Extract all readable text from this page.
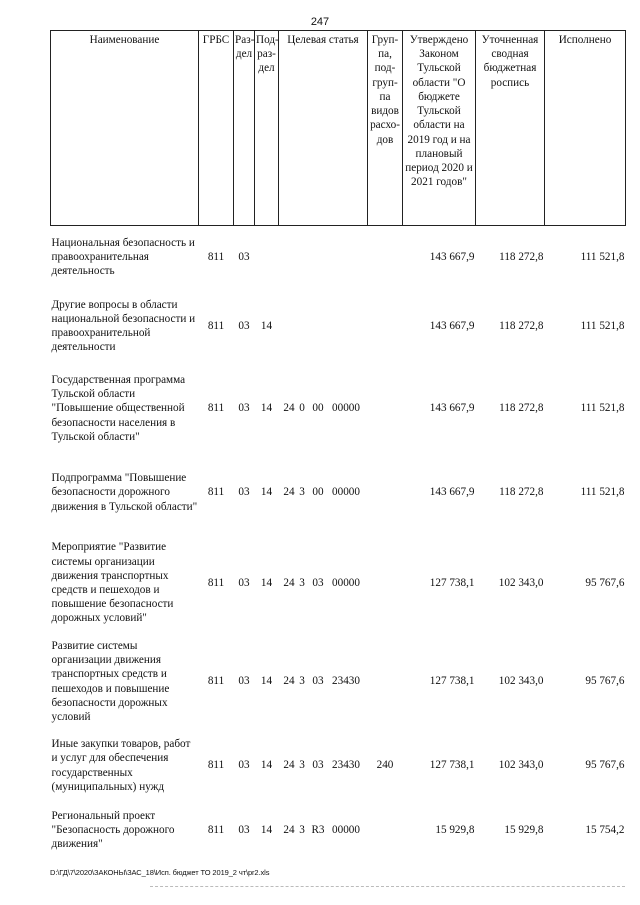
247
Наименование	ГРБС	Раз-дел	Под-раз-дел	Целевая статья	Груп-па, под-груп-па видов расхо-дов	Утверждено Законом Тульской области "О бюджете Тульской области на 2019 год и на плановый период 2020 и 2021 годов"	Уточненная сводная бюджетная роспись	Исполнено
Национальная безопасность и правоохранительная деятельность	811	03				143 667,9	118 272,8	111 521,8
Другие вопросы в области национальной безопасности и правоохранительной деятельности	811	03	14			143 667,9	118 272,8	111 521,8
Государственная программа Тульской области "Повышение общественной безопасности населения в Тульской области"	811	03	14	24 0 00 00000		143 667,9	118 272,8	111 521,8
Подпрограмма "Повышение безопасности дорожного движения в Тульской области"	811	03	14	24 3 00 00000		143 667,9	118 272,8	111 521,8
Мероприятие "Развитие системы организации движения транспортных средств и пешеходов и повышение безопасности дорожных условий"	811	03	14	24 3 03 00000		127 738,1	102 343,0	95 767,6
Развитие системы организации движения транспортных средств и пешеходов и повышение безопасности дорожных условий	811	03	14	24 3 03 23430		127 738,1	102 343,0	95 767,6
Иные закупки товаров, работ и услуг для обеспечения государственных (муниципальных) нужд	811	03	14	24 3 03 23430	240	127 738,1	102 343,0	95 767,6
Региональный проект "Безопасность дорожного движения"	811	03	14	24 3 R3 00000		15 929,8	15 929,8	15 754,2
D:\ГД\7\2020\ЗАКОНЫ\ЗАС_18\Исп. бюджет ТО 2019_2 чт\pr2.xls
